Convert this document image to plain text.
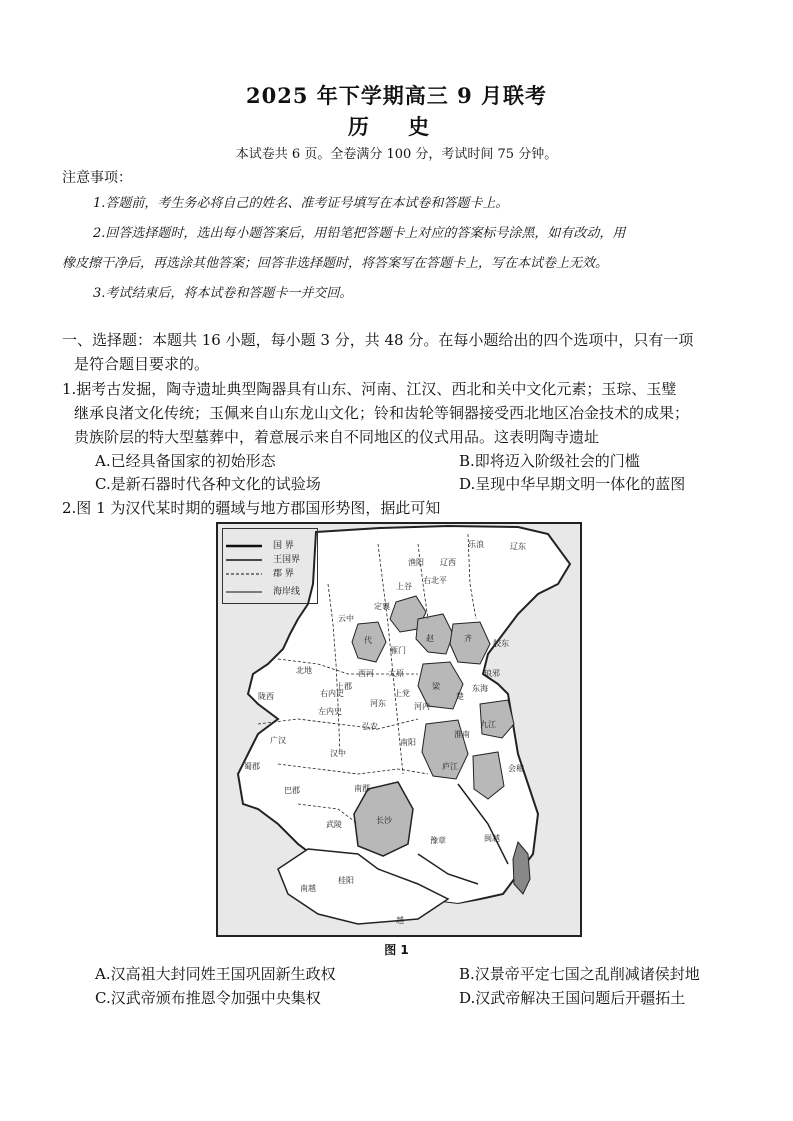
2025 年下学期高三 9 月联考
历 史
本试卷共 6 页。全卷满分 100 分，考试时间 75 分钟。
注意事项：
1.答题前，考生务必将自己的姓名、准考证号填写在本试卷和答题卡上。
2.回答选择题时，选出每小题答案后，用铅笔把答题卡上对应的答案标号涂黑，如有改动，用
橡皮擦干净后，再选涂其他答案；回答非选择题时，将答案写在答题卡上，写在本试卷上无效。
3.考试结束后，将本试卷和答题卡一并交回。
一、选择题：本题共 16 小题，每小题 3 分，共 48 分。在每小题给出的四个选项中，只有一项
是符合题目要求的。
1.据考古发掘，陶寺遗址典型陶器具有山东、河南、江汉、西北和关中文化元素；玉琮、玉璧
继承良渚文化传统；玉佩来自山东龙山文化；铃和齿轮等铜器接受西北地区冶金技术的成果；
贵族阶层的特大型墓葬中，着意展示来自不同地区的仪式用品。这表明陶寺遗址
A.已经具备国家的初始形态	B.即将迈入阶级社会的门槛
C.是新石器时代各种文化的试验场	D.呈现中华早期文明一体化的蓝图
2.图 1 为汉代某时期的疆域与地方郡国形势图，据此可知
国 界
王国界
郡 界
海岸线
乐浪	辽东
辽西
右北平
渔阳
上谷
代
云中
定襄
雁门
北地
陇西
上郡
西河 太原
上党
河内
河东
弘农
右内史
左内史
汉中
巴郡
蜀郡
广汉	南阳
南郡
武陵	长沙
桂阳
豫章
庐江
九江
淮南
会稽
闽越
东海
琅邪
胶东
齐
赵
梁
楚
南越
越
图 1
A.汉高祖大封同姓王国巩固新生政权	B.汉景帝平定七国之乱削减诸侯封地
C.汉武帝颁布推恩令加强中央集权	D.汉武帝解决王国问题后开疆拓土
